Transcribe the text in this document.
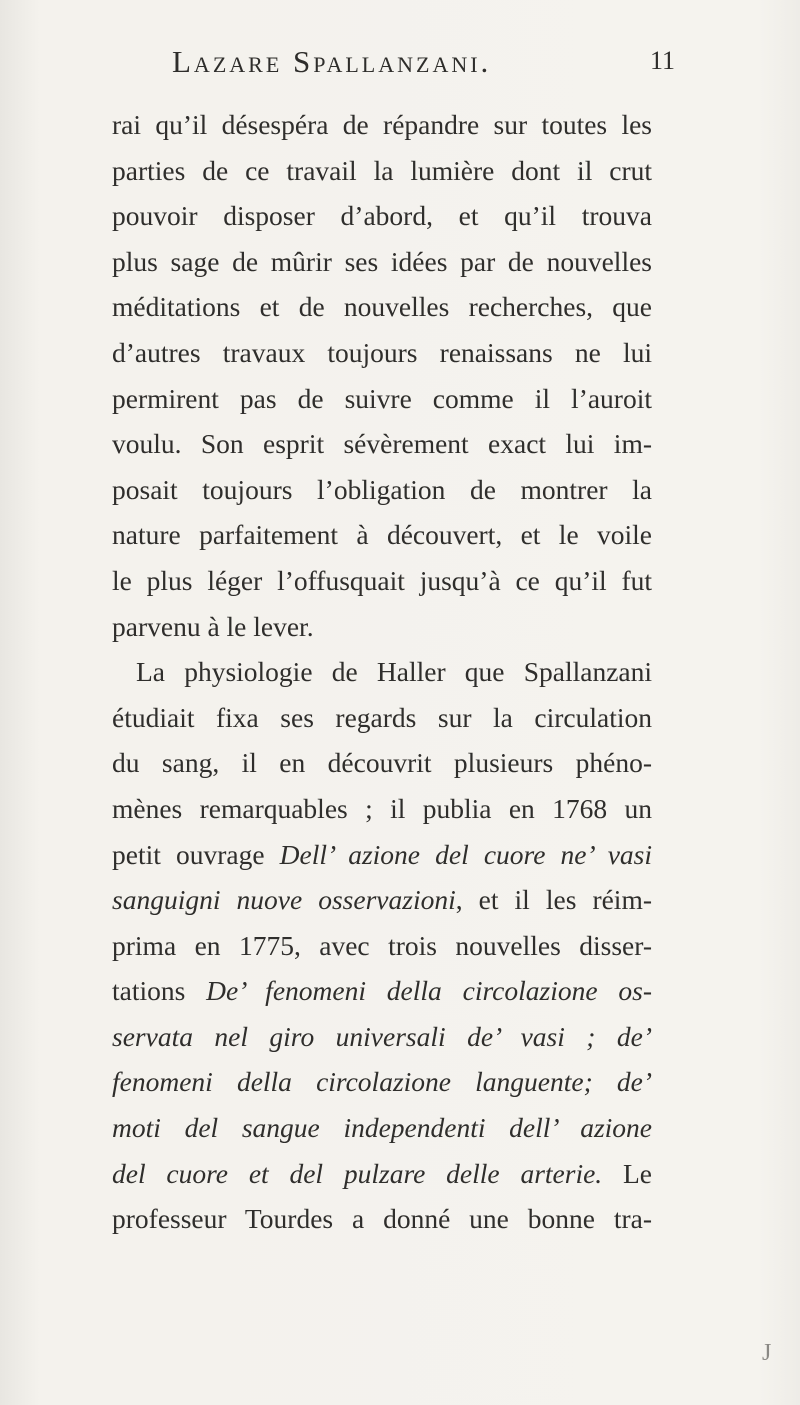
Lazare Spallanzani.	11
rai qu’il désespéra de répandre sur toutes les
parties de ce travail la lumière dont il crut
pouvoir disposer d’abord, et qu’il trouva
plus sage de mûrir ses idées par de nouvelles
méditations et de nouvelles recherches, que
d’autres travaux toujours renaissans ne lui
permirent pas de suivre comme il l’auroit
voulu. Son esprit sévèrement exact lui im-
posait toujours l’obligation de montrer la
nature parfaitement à découvert, et le voile
le plus léger l’offusquait jusqu’à ce qu’il fut
parvenu à le lever.
La physiologie de Haller que Spallanzani
étudiait fixa ses regards sur la circulation
du sang, il en découvrit plusieurs phéno-
mènes remarquables ; il publia en 1768 un
petit ouvrage Dell’ azione del cuore ne’ vasi
sanguigni nuove osservazioni, et il les réim-
prima en 1775, avec trois nouvelles disser-
tations De’ fenomeni della circolazione os-
servata nel giro universali de’ vasi ; de’
fenomeni della circolazione languente; de’
moti del sangue independenti dell’ azione
del cuore et del pulzare delle arterie. Le
professeur Tourdes a donné une bonne tra-
J
